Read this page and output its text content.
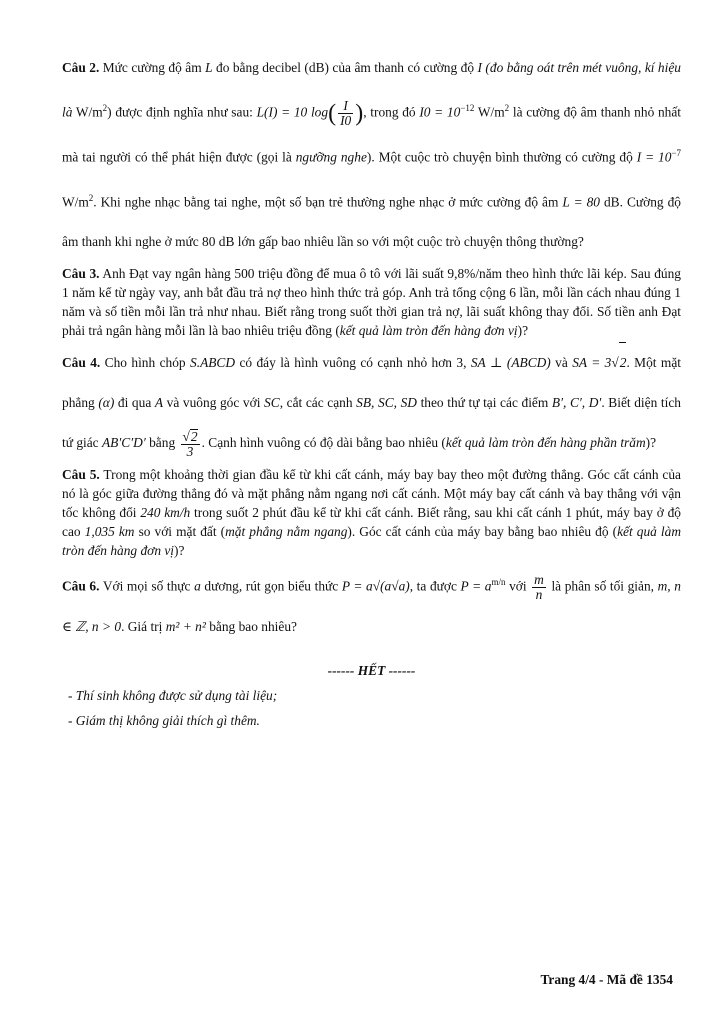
Câu 2. Mức cường độ âm L đo bằng decibel (dB) của âm thanh có cường độ I (đo bằng oát trên mét vuông, kí hiệu là $W/m^2$) được định nghĩa như sau: L(I) = 10 $\log( \frac{I}{I0}$ ), trong đó $I0 = 10^{-12}$ $W/m^2$ là cường độ âm thanh nhỏ nhất mà tai người có thể phát hiện được (gọi là ngưỡng nghe). Một cuộc trò chuyện bình thường có cường độ $I = 10^{-7}$ $W/m^2$. Khi nghe nhạc bằng tai nghe, một số bạn trẻ thường nghe nhạc ở mức cường độ âm L = 80 dB. Cường độ âm thanh khi nghe ở mức 80 dB lớn gấp bao nhiêu lần so với một cuộc trò chuyện thông thường?

Câu 3. Anh Đạt vay ngân hàng 500 triệu đồng để mua ô tô với lãi suất 9,8%/năm theo hình thức lãi kép. Sau đúng 1 năm kể từ ngày vay, anh bắt đầu trả nợ theo hình thức trả góp. Anh trả tổng cộng 6 lần, mỗi lần cách nhau đúng 1 năm và số tiền mỗi lần trả như nhau. Biết rằng trong suốt thời gian trả nợ, lãi suất không thay đổi. Số tiền anh Đạt phải trả ngân hàng mỗi lần là bao nhiêu triệu đồng (kết quả làm tròn đến hàng đơn vị)?

Câu 4. Cho hình chóp S.ABCD có đáy là hình vuông có cạnh nhỏ hơn 3, SA ⊥ (ABCD) và SA = 3√2. Một mặt phẳng (α) đi qua A và vuông góc với SC, cắt các cạnh SB, SC, SD theo thứ tự tại các điểm B′, C′, D′. Biết diện tích tứ giác AB′C′D′ bằng $\frac{√2}{3}$ . Cạnh hình vuông có độ dài bằng bao nhiêu (kết quả làm tròn đến hàng phần trăm)?

Câu 5. Trong một khoảng thời gian đầu kể từ khi cất cánh, máy bay bay theo một đường thẳng. Góc cất cánh của nó là góc giữa đường thẳng đó và mặt phẳng nằm ngang nơi cất cánh. Một máy bay cất cánh và bay thẳng với vận tốc không đổi 240 km/h trong suốt 2 phút đầu kể từ khi cất cánh. Biết rằng, sau khi cất cánh 1 phút, máy bay ở độ cao 1,035 km so với mặt đất (mặt phẳng nằm ngang). Góc cất cánh của máy bay bằng bao nhiêu độ (kết quả làm tròn đến hàng đơn vị)?

Câu 6. Với mọi số thực a dương, rút gọn biểu thức P = a√(a√a), ta được $P = a^{m/n}$ với $\frac{m}{n}$ là phân số tối giản, m, n ∈ ℤ, n > 0. Giá trị m² + n² bằng bao nhiêu?

------ HẾT ------
- Thí sinh không được sử dụng tài liệu;
- Giám thị không giải thích gì thêm.
Trang 4/4 - Mã đề 1354
